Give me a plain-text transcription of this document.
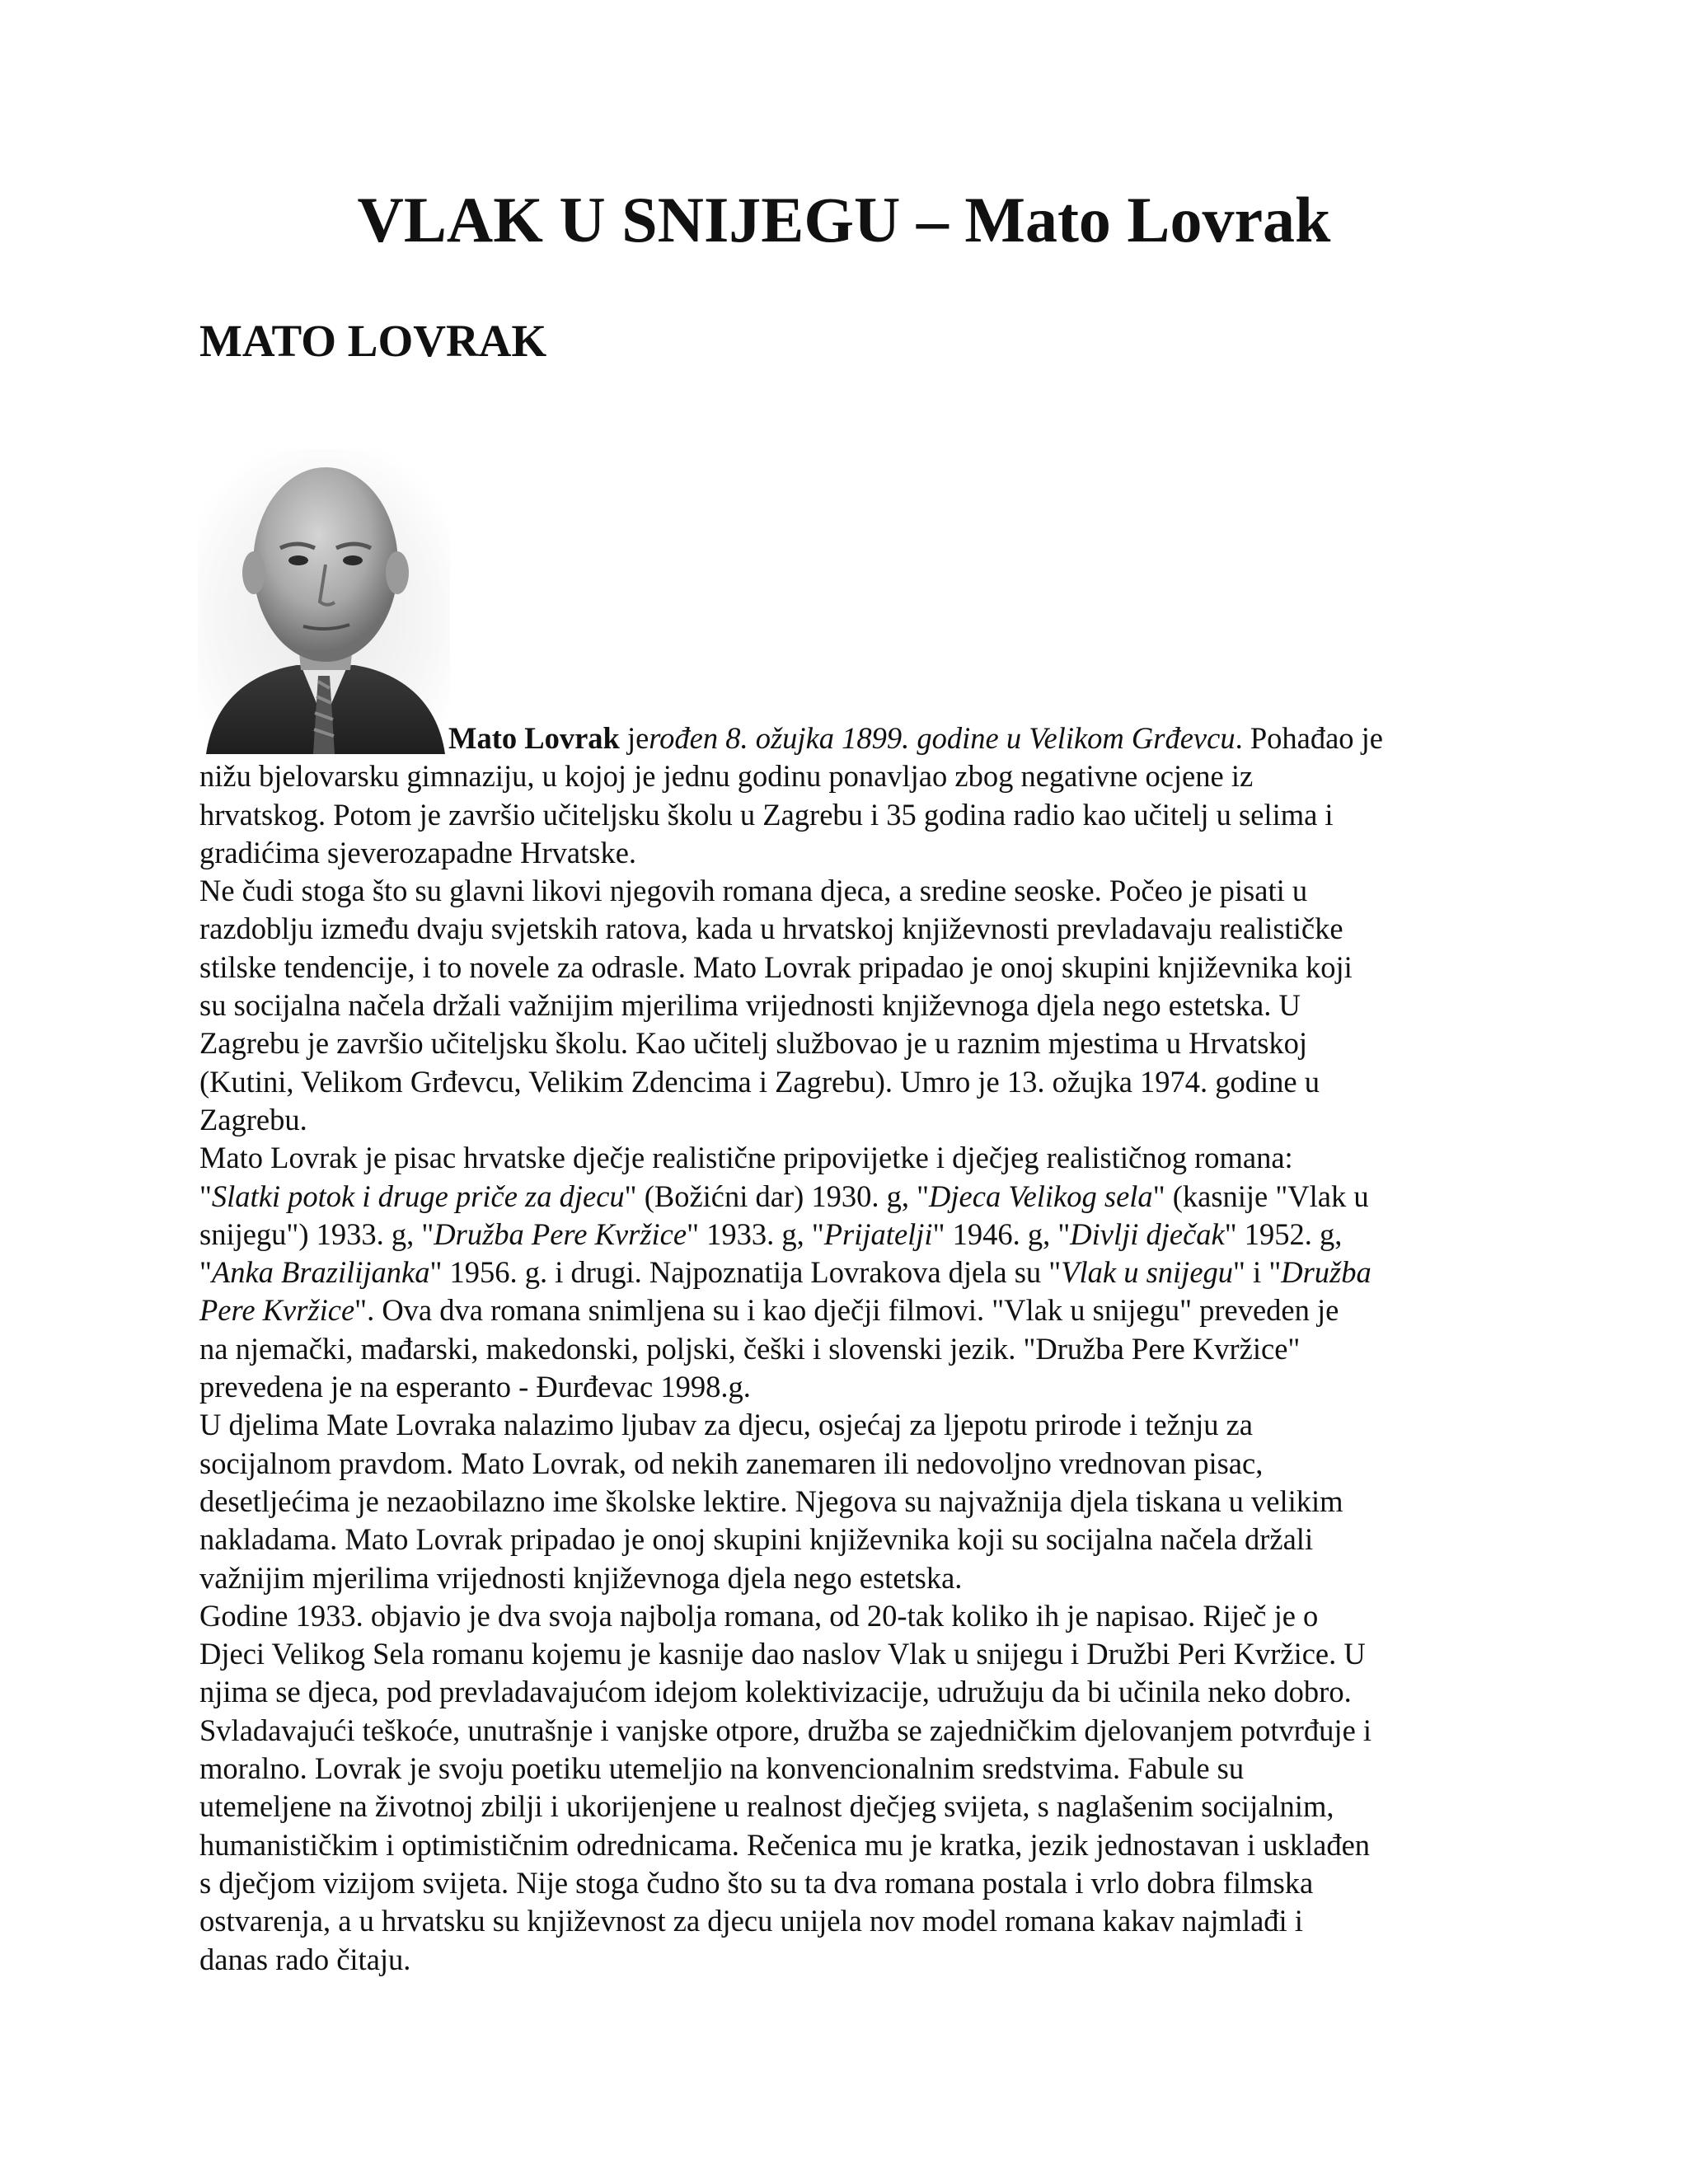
VLAK U SNIJEGU – Mato Lovrak
MATO LOVRAK
Mato Lovrak jerođen 8. ožujka 1899. godine u Velikom Grđevcu. Pohađao je
nižu bjelovarsku gimnaziju, u kojoj je jednu godinu ponavljao zbog negativne ocjene iz
hrvatskog. Potom je završio učiteljsku školu u Zagrebu i 35 godina radio kao učitelj u selima i
gradićima sjeverozapadne Hrvatske.
Ne čudi stoga što su glavni likovi njegovih romana djeca, a sredine seoske. Počeo je pisati u
razdoblju između dvaju svjetskih ratova, kada u hrvatskoj književnosti prevladavaju realističke
stilske tendencije, i to novele za odrasle. Mato Lovrak pripadao je onoj skupini književnika koji
su socijalna načela držali važnijim mjerilima vrijednosti književnoga djela nego estetska. U
Zagrebu je završio učiteljsku školu. Kao učitelj službovao je u raznim mjestima u Hrvatskoj
(Kutini, Velikom Grđevcu, Velikim Zdencima i Zagrebu). Umro je 13. ožujka 1974. godine u
Zagrebu.
Mato Lovrak je pisac hrvatske dječje realistične pripovijetke i dječjeg realističnog romana:
"Slatki potok i druge priče za djecu" (Božićni dar) 1930. g, "Djeca Velikog sela" (kasnije "Vlak u
snijegu") 1933. g, "Družba Pere Kvržice" 1933. g, "Prijatelji" 1946. g, "Divlji dječak" 1952. g,
"Anka Brazilijanka" 1956. g. i drugi. Najpoznatija Lovrakova djela su "Vlak u snijegu" i "Družba
Pere Kvržice". Ova dva romana snimljena su i kao dječji filmovi. "Vlak u snijegu" preveden je
na njemački, mađarski, makedonski, poljski, češki i slovenski jezik. "Družba Pere Kvržice"
prevedena je na esperanto - Đurđevac 1998.g.
U djelima Mate Lovraka nalazimo ljubav za djecu, osjećaj za ljepotu prirode i težnju za
socijalnom pravdom. Mato Lovrak, od nekih zanemaren ili nedovoljno vrednovan pisac,
desetljećima je nezaobilazno ime školske lektire. Njegova su najvažnija djela tiskana u velikim
nakladama. Mato Lovrak pripadao je onoj skupini književnika koji su socijalna načela držali
važnijim mjerilima vrijednosti književnoga djela nego estetska.
Godine 1933. objavio je dva svoja najbolja romana, od 20-tak koliko ih je napisao. Riječ je o
Djeci Velikog Sela romanu kojemu je kasnije dao naslov Vlak u snijegu i Družbi Peri Kvržice. U
njima se djeca, pod prevladavajućom idejom kolektivizacije, udružuju da bi učinila neko dobro.
Svladavajući teškoće, unutrašnje i vanjske otpore, družba se zajedničkim djelovanjem potvrđuje i
moralno. Lovrak je svoju poetiku utemeljio na konvencionalnim sredstvima. Fabule su
utemeljene na životnoj zbilji i ukorijenjene u realnost dječjeg svijeta, s naglašenim socijalnim,
humanističkim i optimističnim odrednicama. Rečenica mu je kratka, jezik jednostavan i usklađen
s dječjom vizijom svijeta. Nije stoga čudno što su ta dva romana postala i vrlo dobra filmska
ostvarenja, a u hrvatsku su književnost za djecu unijela nov model romana kakav najmlađi i
danas rado čitaju.
